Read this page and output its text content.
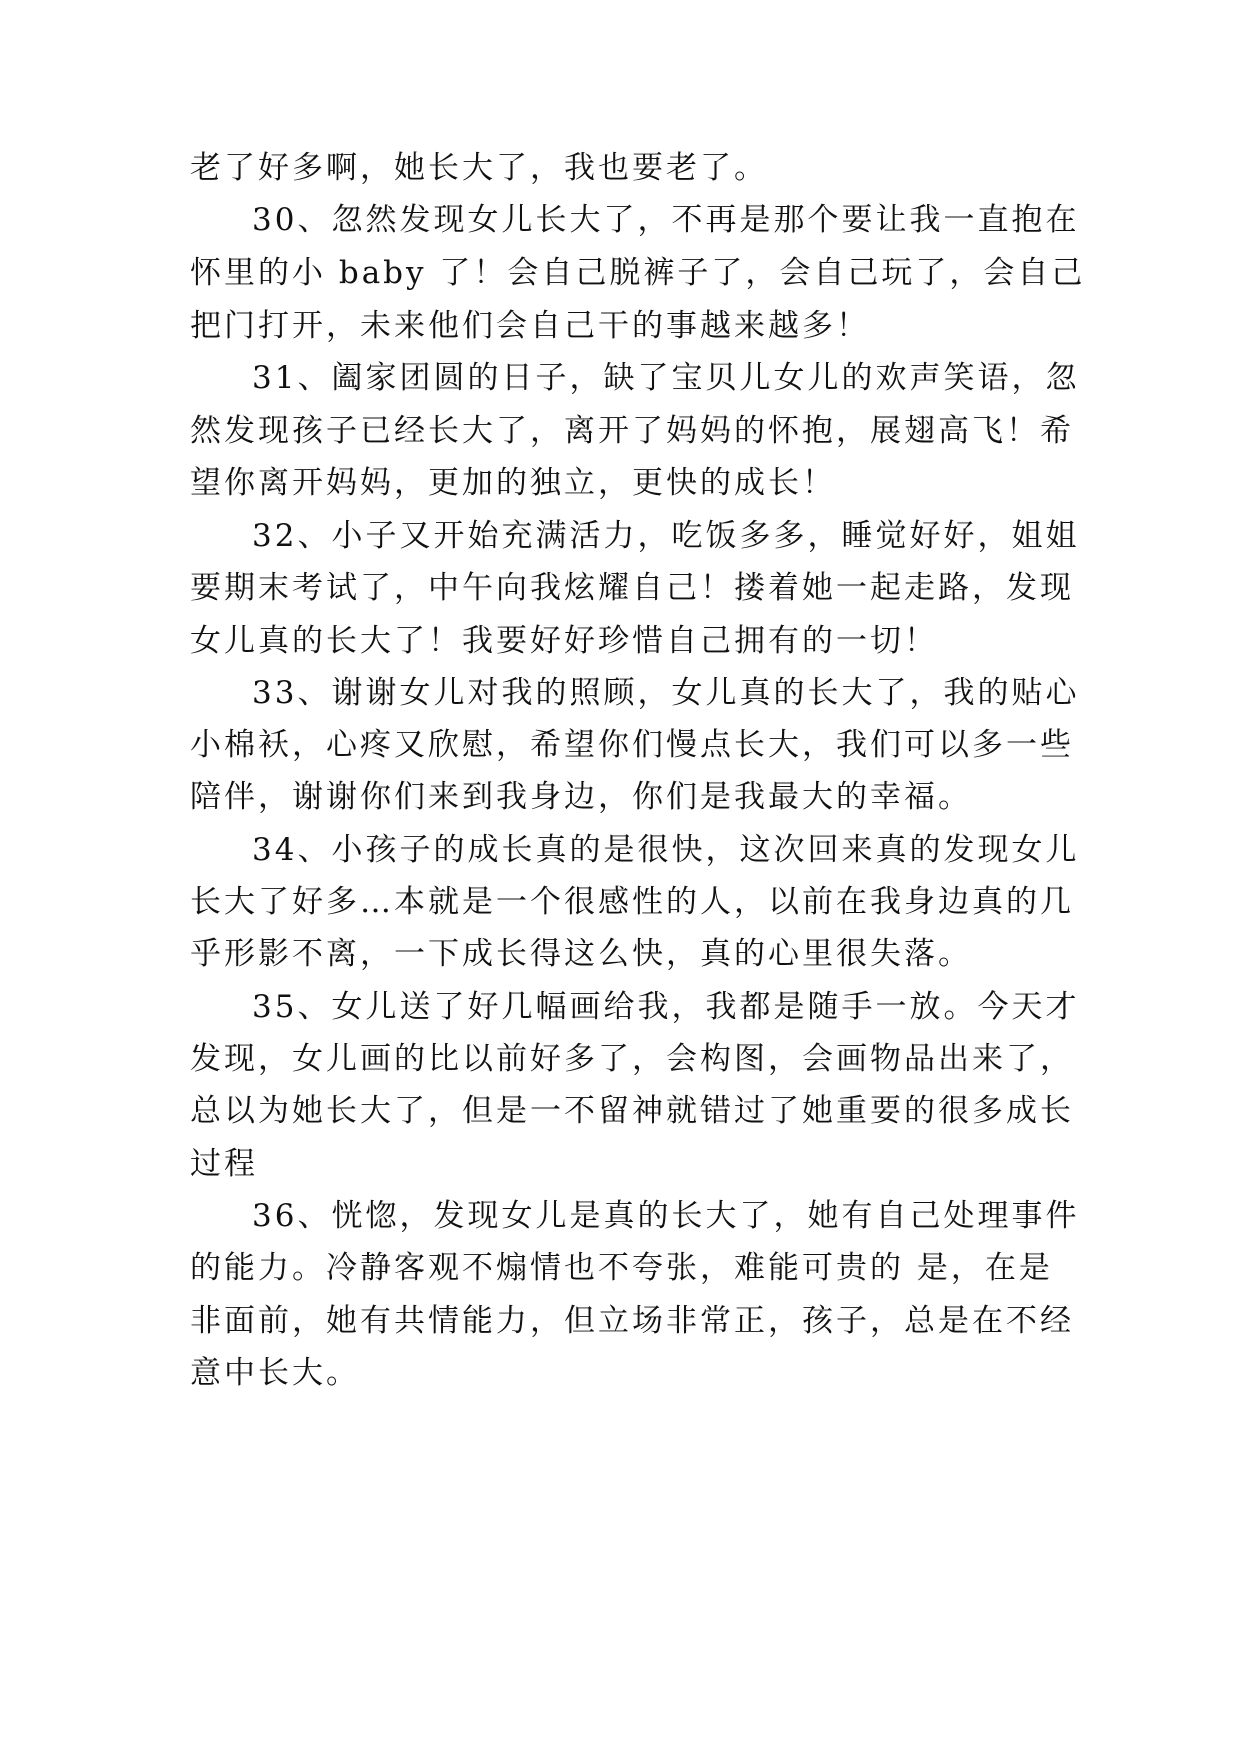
老了好多啊，她长大了，我也要老了。

30、忽然发现女儿长大了，不再是那个要让我一直抱在

怀里的小 baby 了！会自己脱裤子了，会自己玩了，会自己

把门打开，未来他们会自己干的事越来越多！

31、阖家团圆的日子，缺了宝贝儿女儿的欢声笑语，忽

然发现孩子已经长大了，离开了妈妈的怀抱，展翅高飞！希

望你离开妈妈，更加的独立，更快的成长！

32、小子又开始充满活力，吃饭多多，睡觉好好，姐姐

要期末考试了，中午向我炫耀自己！搂着她一起走路，发现

女儿真的长大了！我要好好珍惜自己拥有的一切！

33、谢谢女儿对我的照顾，女儿真的长大了，我的贴心

小棉袄，心疼又欣慰，希望你们慢点长大，我们可以多一些

陪伴，谢谢你们来到我身边，你们是我最大的幸福。

34、小孩子的成长真的是很快，这次回来真的发现女儿

长大了好多…本就是一个很感性的人，以前在我身边真的几

乎形影不离，一下成长得这么快，真的心里很失落。

35、女儿送了好几幅画给我，我都是随手一放。今天才

发现，女儿画的比以前好多了，会构图，会画物品出来了，

总以为她长大了，但是一不留神就错过了她重要的很多成长

过程

36、恍惚，发现女儿是真的长大了，她有自己处理事件

的能力。冷静客观不煽情也不夸张，难能可贵的 是，在是

非面前，她有共情能力，但立场非常正，孩子，总是在不经

意中长大。
